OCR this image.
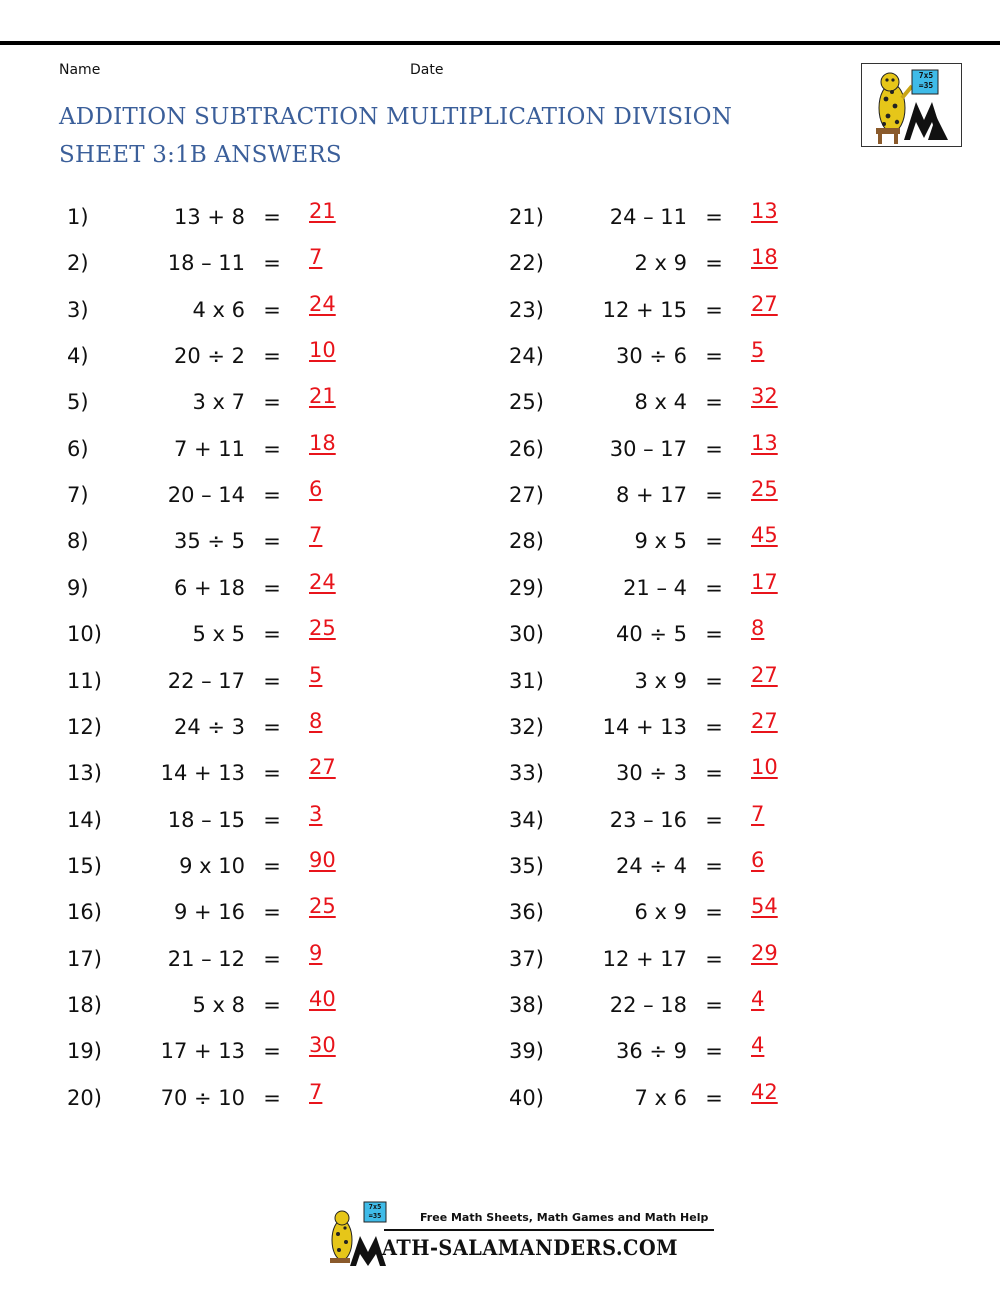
Name	Date
ADDITION SUBTRACTION MULTIPLICATION DIVISION
SHEET 3:1B ANSWERS
7x5
=35
1)	13 + 8 = 21
2)	18 – 11 = 7
3)	4 x 6 = 24
4)	20 ÷ 2 = 10
5)	3 x 7 = 21
6)	7 + 11 = 18
7)	20 – 14 = 6
8)	35 ÷ 5 = 7
9)	6 + 18 = 24
10)	5 x 5 = 25
11)	22 – 17 = 5
12)	24 ÷ 3 = 8
13)	14 + 13 = 27
14)	18 – 15 = 3
15)	9 x 10 = 90
16)	9 + 16 = 25
17)	21 – 12 = 9
18)	5 x 8 = 40
19)	17 + 13 = 30
20)	70 ÷ 10 = 7
21)	24 – 11 = 13
22)	2 x 9 = 18
23)	12 + 15 = 27
24)	30 ÷ 6 = 5
25)	8 x 4 = 32
26)	30 – 17 = 13
27)	8 + 17 = 25
28)	9 x 5 = 45
29)	21 – 4 = 17
30)	40 ÷ 5 = 8
31)	3 x 9 = 27
32)	14 + 13 = 27
33)	30 ÷ 3 = 10
34)	23 – 16 = 7
35)	24 ÷ 4 = 6
36)	6 x 9 = 54
37)	12 + 17 = 29
38)	22 – 18 = 4
39)	36 ÷ 9 = 4
40)	7 x 6 = 42
7x5
=35	Free Math Sheets, Math Games and Math Help
ATH-SALAMANDERS.COM
